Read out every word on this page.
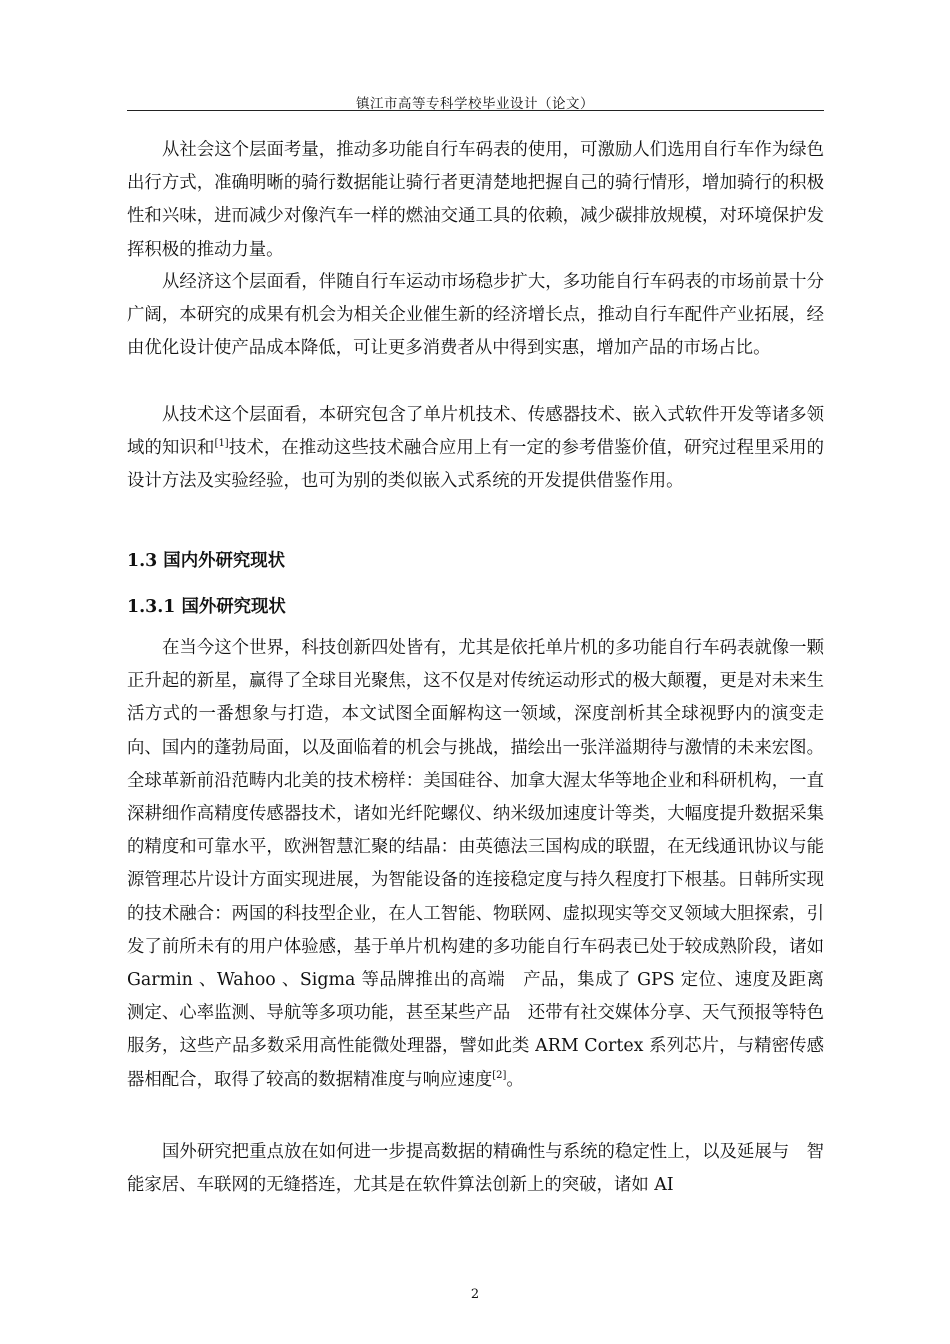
镇江市高等专科学校毕业设计（论文）

从社会这个层面考量，推动多功能自行车码表的使用，可激励人们选用自行车作为绿色出行方式，准确明晰的骑行数据能让骑行者更清楚地把握自己的骑行情形，增加骑行的积极性和兴味，进而减少对像汽车一样的燃油交通工具的依赖，减少碳排放规模，对环境保护发挥积极的推动力量。

从经济这个层面看，伴随自行车运动市场稳步扩大，多功能自行车码表的市场前景十分广阔，本研究的成果有机会为相关企业催生新的经济增长点，推动自行车配件产业拓展，经由优化设计使产品成本降低，可让更多消费者从中得到实惠，增加产品的市场占比。

从技术这个层面看，本研究包含了单片机技术、传感器技术、嵌入式软件开发等诸多领域的知识和[1]技术，在推动这些技术融合应用上有一定的参考借鉴价值，研究过程里采用的设计方法及实验经验，也可为别的类似嵌入式系统的开发提供借鉴作用。

1.3 国内外研究现状
1.3.1 国外研究现状

在当今这个世界，科技创新四处皆有，尤其是依托单片机的多功能自行车码表就像一颗正升起的新星，赢得了全球目光聚焦，这不仅是对传统运动形式的极大颠覆，更是对未来生活方式的一番想象与打造，本文试图全面解构这一领域，深度剖析其全球视野内的演变走向、国内的蓬勃局面，以及面临着的机会与挑战，描绘出一张洋溢期待与激情的未来宏图。全球革新前沿范畴内北美的技术榜样：美国硅谷、加拿大渥太华等地企业和科研机构，一直深耕细作高精度传感器技术，诸如光纤陀螺仪、纳米级加速度计等类，大幅度提升数据采集的精度和可靠水平，欧洲智慧汇聚的结晶：由英德法三国构成的联盟，在无线通讯协议与能源管理芯片设计方面实现进展，为智能设备的连接稳定度与持久程度打下根基。日韩所实现的技术融合：两国的科技型企业，在人工智能、物联网、虚拟现实等交叉领域大胆探索，引发了前所未有的用户体验感，基于单片机构建的多功能自行车码表已处于较成熟阶段，诸如 Garmin 、Wahoo 、Sigma 等品牌推出的高端　产品，集成了 GPS 定位、速度及距离测定、心率监测、导航等多项功能，甚至某些产品　还带有社交媒体分享、天气预报等特色服务，这些产品多数采用高性能微处理器，譬如此类 ARM Cortex 系列芯片，与精密传感器相配合，取得了较高的数据精准度与响应速度[2]。

国外研究把重点放在如何进一步提高数据的精确性与系统的稳定性上，以及延展与　智能家居、车联网的无缝搭连，尤其是在软件算法创新上的突破，诸如 AI

2
